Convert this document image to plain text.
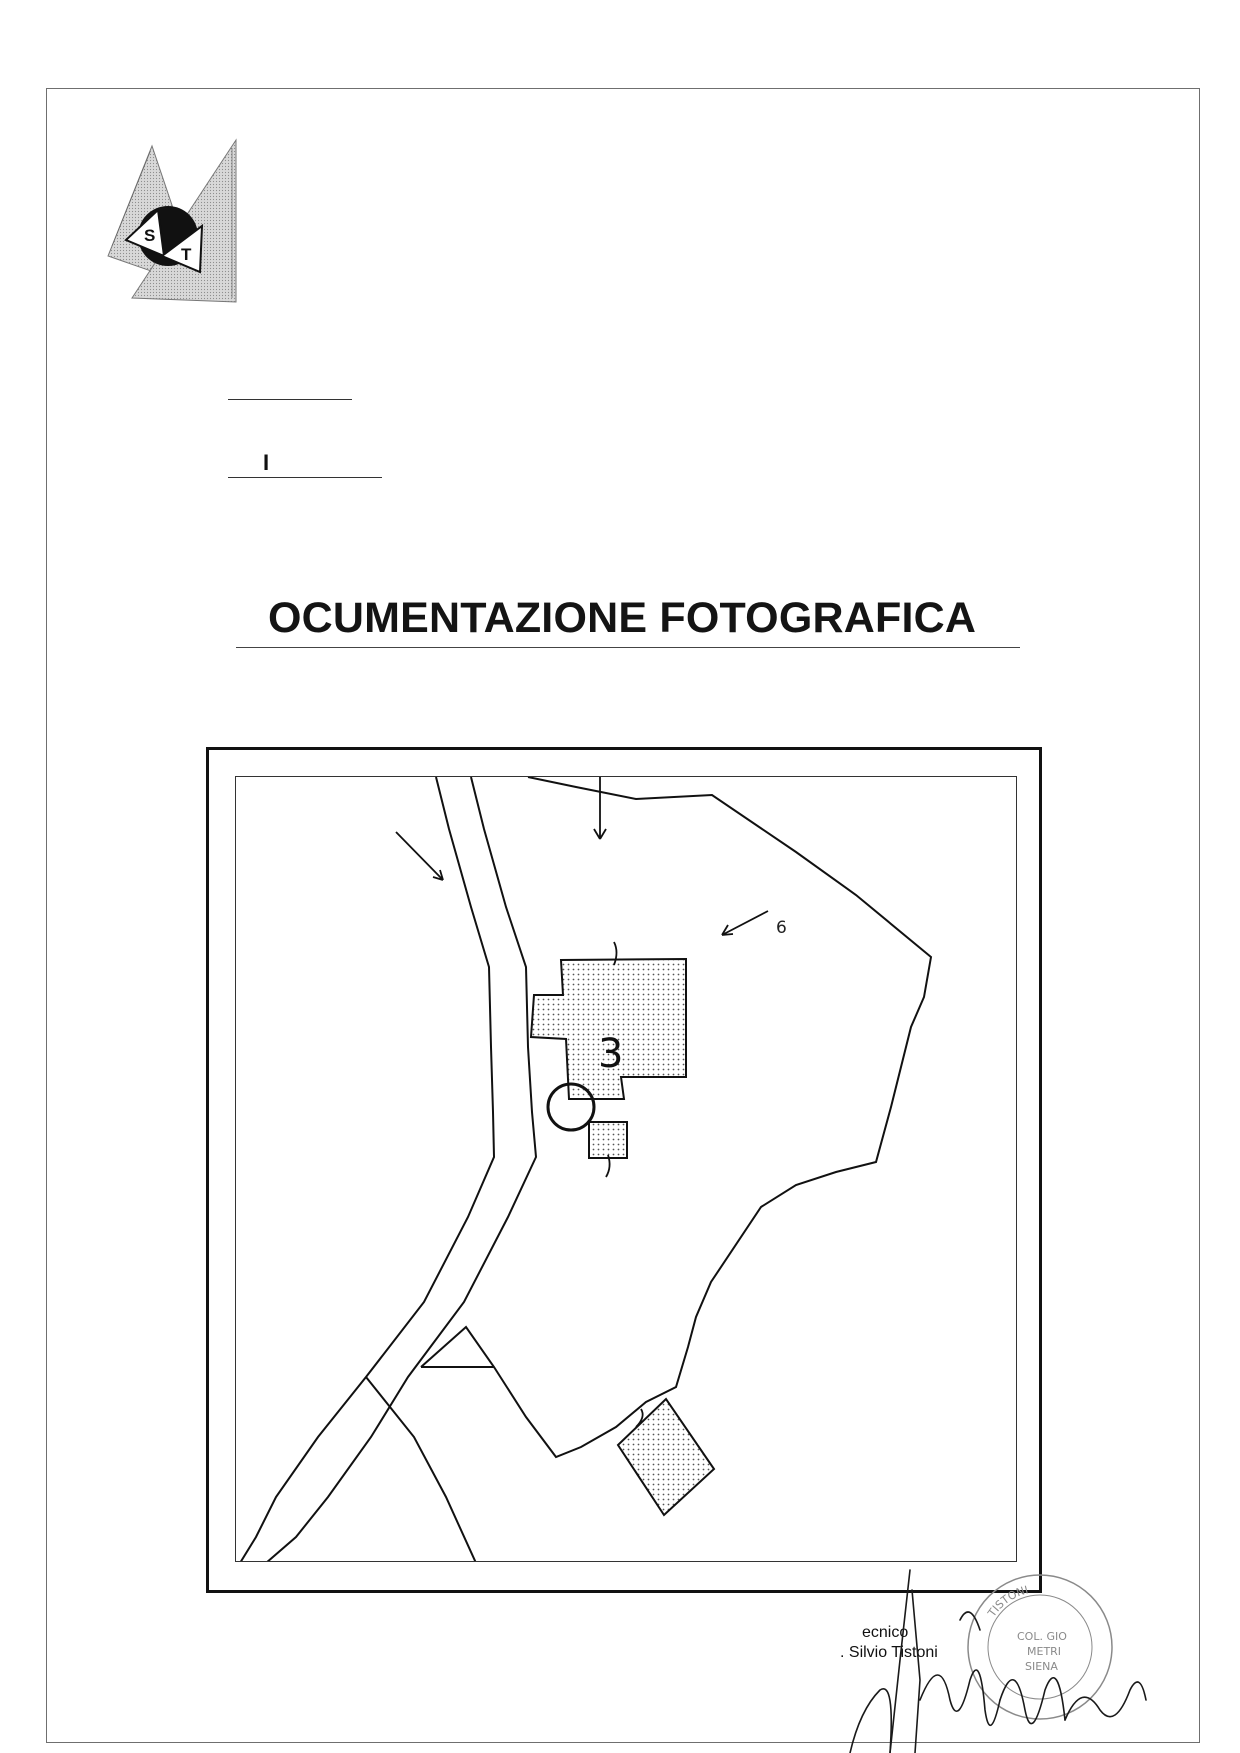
S
T
I
OCUMENTAZIONE FOTOGRAFICA
3
6
TISTONI
COL. GIO
METRI
SIENA
ecnico
. Silvio Tistoni
